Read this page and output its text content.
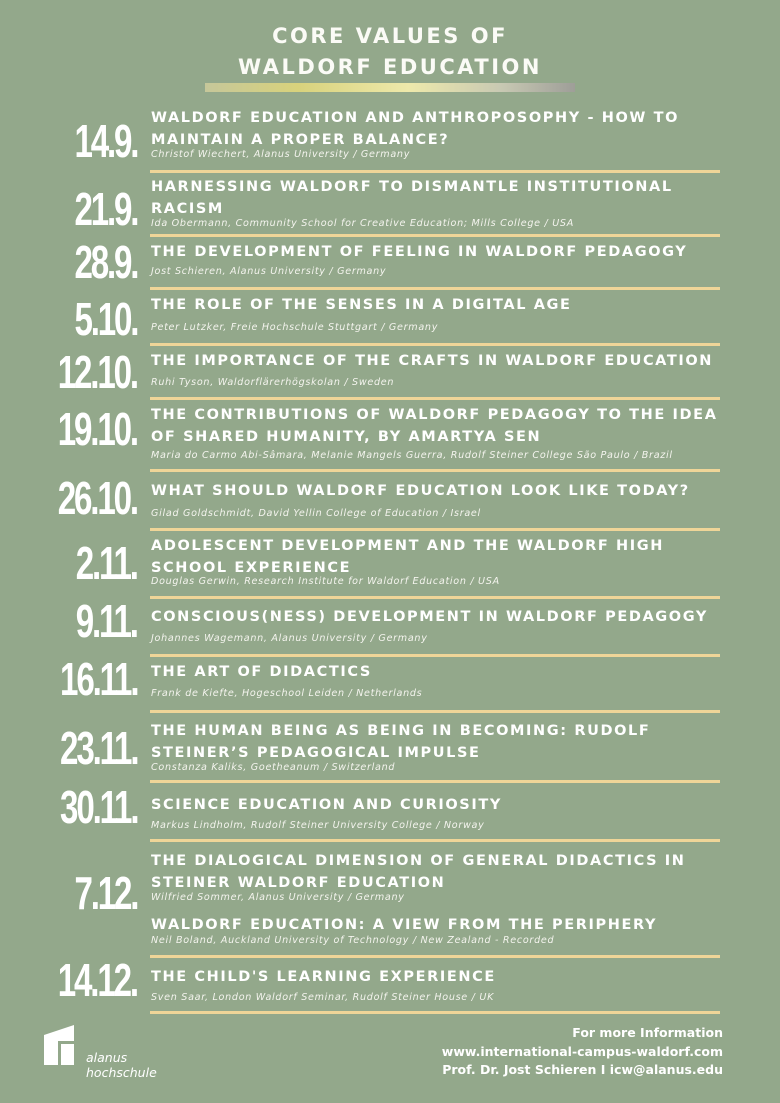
CORE VALUES OF
WALDORF EDUCATION
14.9. WALDORF EDUCATION AND ANTHROPOSOPHY - HOW TO MAINTAIN A PROPER BALANCE?
Christof Wiechert, Alanus University / Germany
21.9. HARNESSING WALDORF TO DISMANTLE INSTITUTIONAL RACISM
Ida Obermann, Community School for Creative Education; Mills College / USA
28.9. THE DEVELOPMENT OF FEELING IN WALDORF PEDAGOGY
Jost Schieren, Alanus University / Germany
5.10. THE ROLE OF THE SENSES IN A DIGITAL AGE
Peter Lutzker, Freie Hochschule Stuttgart / Germany
12.10. THE IMPORTANCE OF THE CRAFTS IN WALDORF EDUCATION
Ruhi Tyson, Waldorflärerhögskolan / Sweden
19.10. THE CONTRIBUTIONS OF WALDORF PEDAGOGY TO THE IDEA OF SHARED HUMANITY, BY AMARTYA SEN
Maria do Carmo Abi-Sâmara, Melanie Mangels Guerra, Rudolf Steiner College São Paulo / Brazil
26.10. WHAT SHOULD WALDORF EDUCATION LOOK LIKE TODAY?
Gilad Goldschmidt, David Yellin College of Education / Israel
2.11. ADOLESCENT DEVELOPMENT AND THE WALDORF HIGH SCHOOL EXPERIENCE
Douglas Gerwin, Research Institute for Waldorf Education / USA
9.11. CONSCIOUS(NESS) DEVELOPMENT IN WALDORF PEDAGOGY
Johannes Wagemann, Alanus University / Germany
16.11. THE ART OF DIDACTICS
Frank de Kiefte, Hogeschool Leiden / Netherlands
23.11. THE HUMAN BEING AS BEING IN BECOMING: RUDOLF STEINER’S PEDAGOGICAL IMPULSE
Constanza Kaliks, Goetheanum / Switzerland
30.11. SCIENCE EDUCATION AND CURIOSITY
Markus Lindholm, Rudolf Steiner University College / Norway
7.12.
THE DIALOGICAL DIMENSION OF GENERAL DIDACTICS IN STEINER WALDORF EDUCATION
Wilfried Sommer, Alanus University / Germany
WALDORF EDUCATION: A VIEW FROM THE PERIPHERY
Neil Boland, Auckland University of Technology / New Zealand - Recorded
14.12. THE CHILD'S LEARNING EXPERIENCE
Sven Saar, London Waldorf Seminar, Rudolf Steiner House / UK
alanus
hochschule
For more Information
www.international-campus-waldorf.com
Prof. Dr. Jost Schieren I icw@alanus.edu
